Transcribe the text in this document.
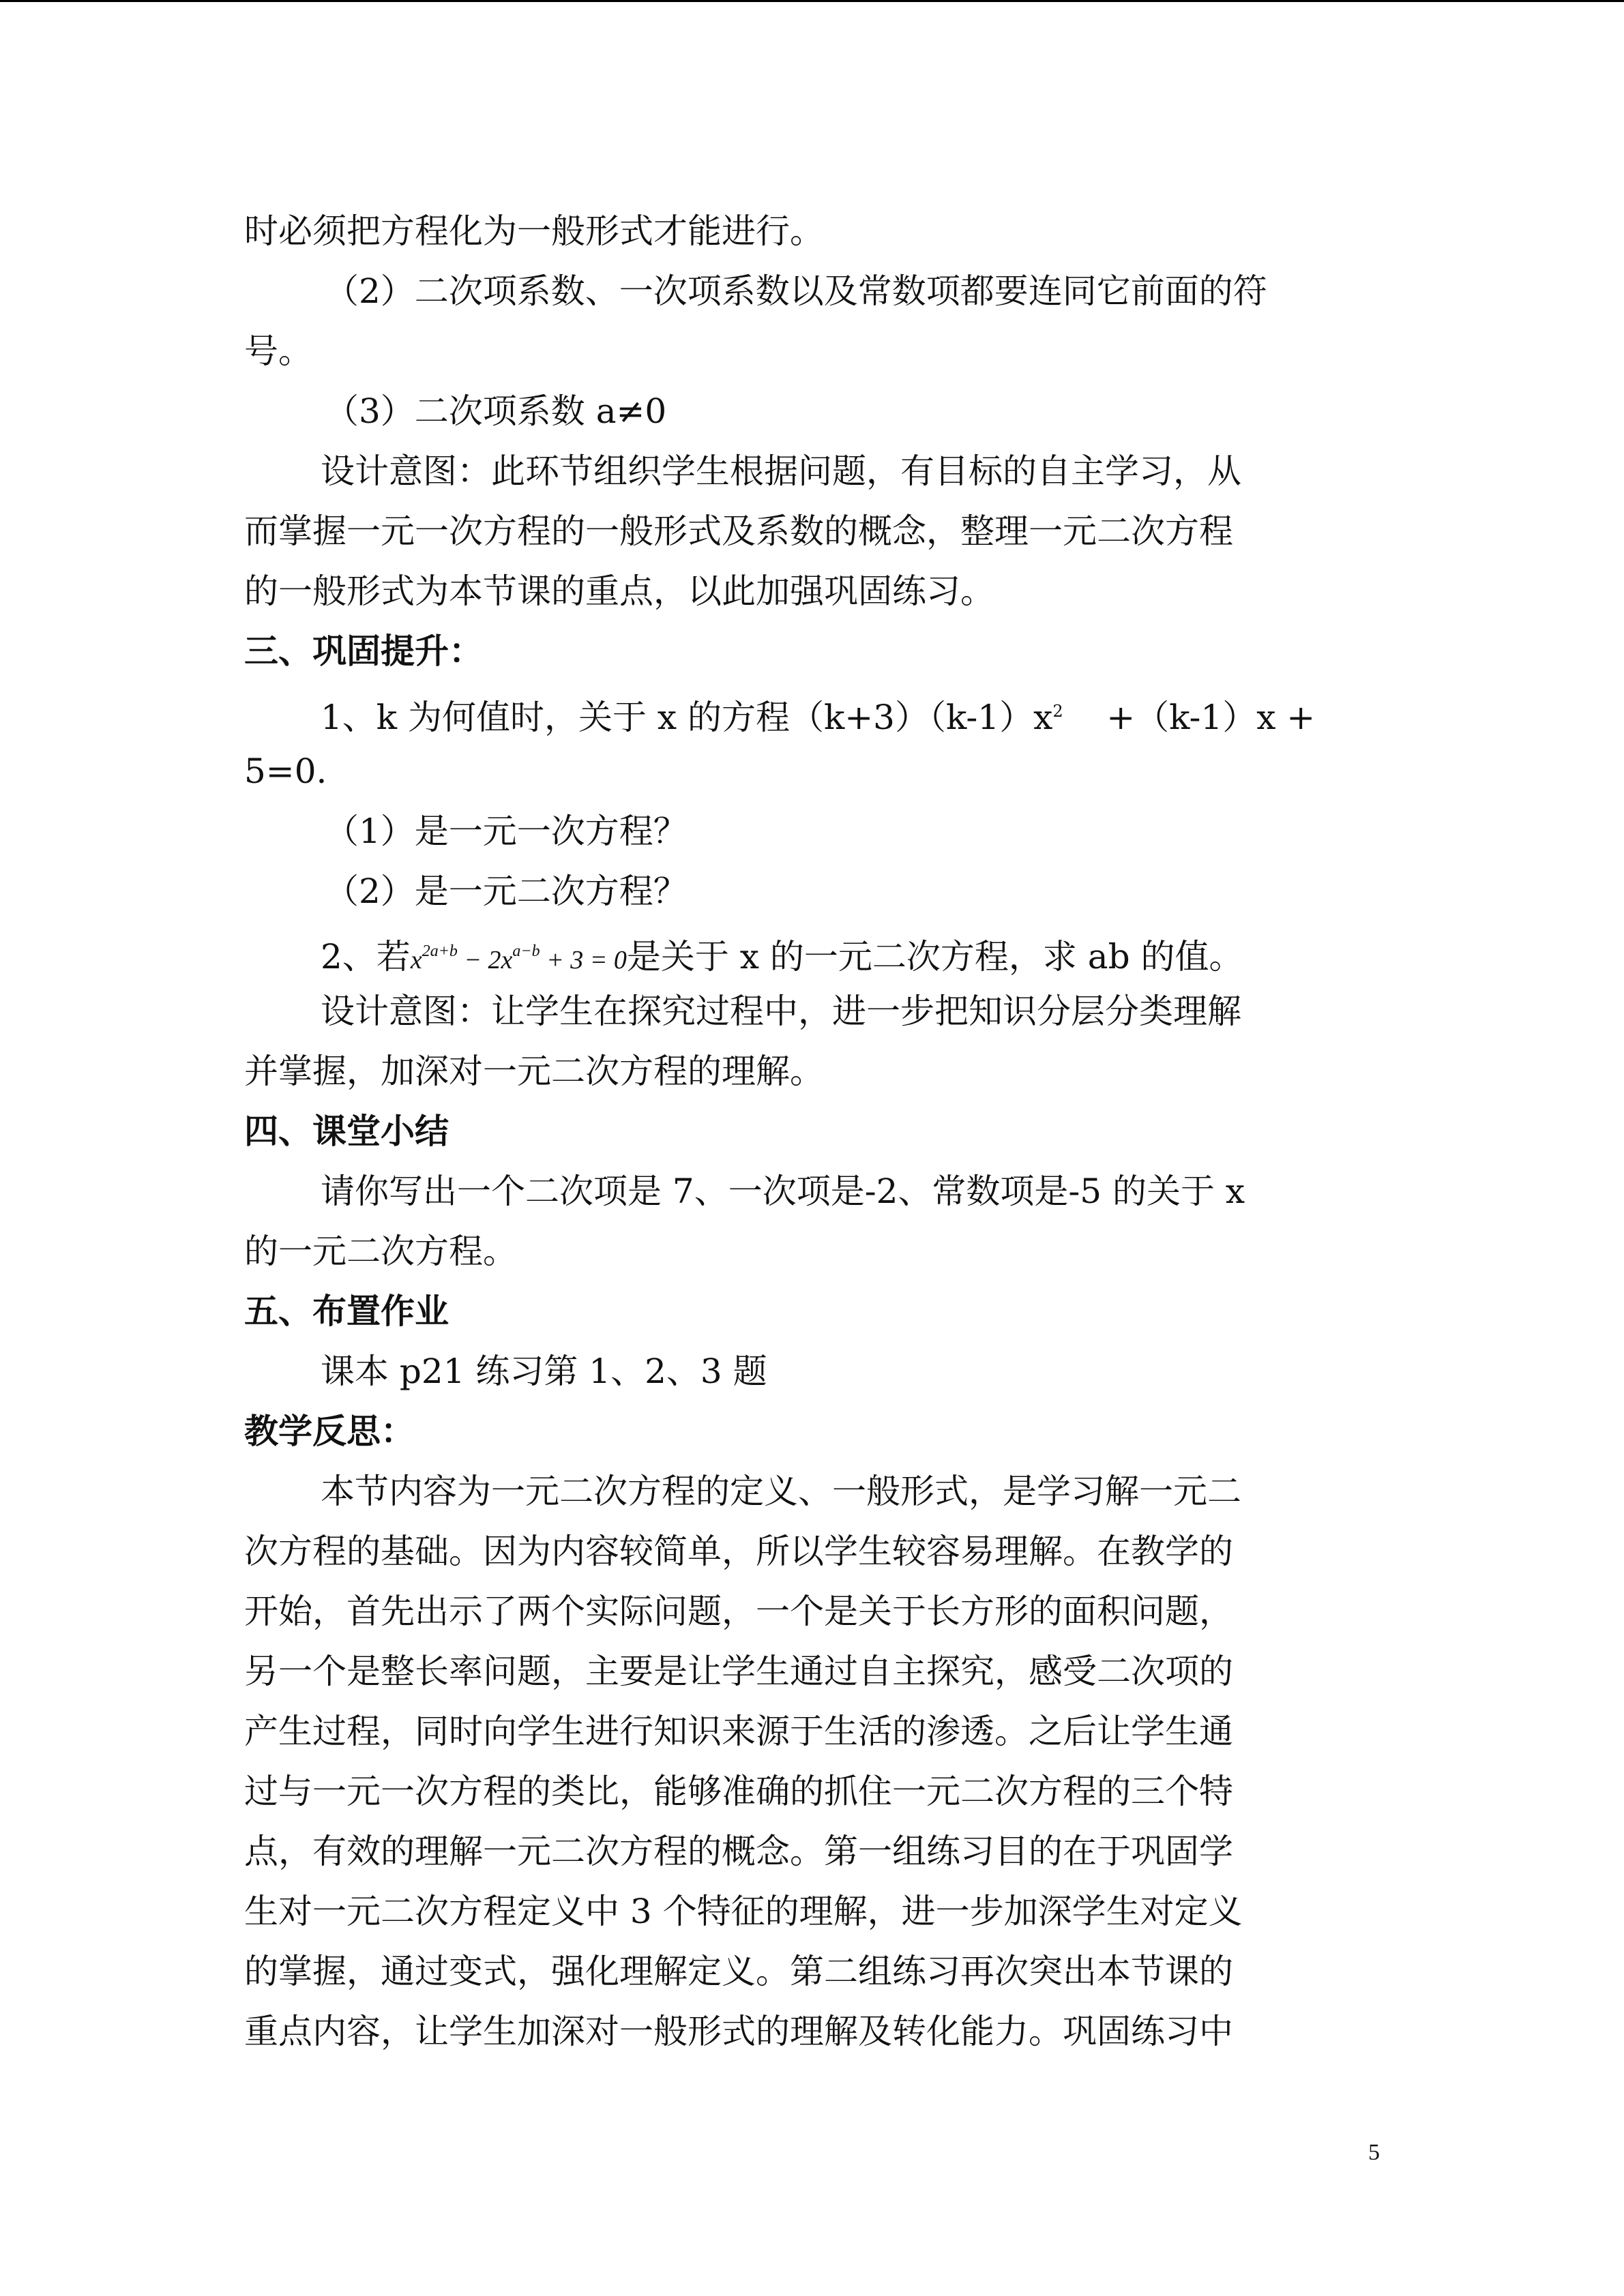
时必须把方程化为一般形式才能进行。
（2）二次项系数、一次项系数以及常数项都要连同它前面的符
号。
（3）二次项系数 a≠0
设计意图：此环节组织学生根据问题，有目标的自主学习，从
而掌握一元一次方程的一般形式及系数的概念，整理一元二次方程
的一般形式为本节课的重点，以此加强巩固练习。
三、巩固提升：
1、k 为何值时，关于 x 的方程$(k+3)(k-1)x^2 +(k-1)x$ +
5=0.
（1）是一元一次方程？
（2）是一元二次方程？
2、若$x^{2a+b} - 2x^{a-b} + 3 = 0$是关于 x 的一元二次方程，求 ab 的值。
设计意图：让学生在探究过程中，进一步把知识分层分类理解
并掌握，加深对一元二次方程的理解。
四、课堂小结
请你写出一个二次项是 7、一次项是-2、常数项是-5 的关于 x
的一元二次方程。
五、布置作业
课本 p21 练习第 1、2、3 题
教学反思：
本节内容为一元二次方程的定义、一般形式，是学习解一元二
次方程的基础。因为内容较简单，所以学生较容易理解。在教学的
开始，首先出示了两个实际问题，一个是关于长方形的面积问题，
另一个是整长率问题，主要是让学生通过自主探究，感受二次项的
产生过程，同时向学生进行知识来源于生活的渗透。之后让学生通
过与一元一次方程的类比，能够准确的抓住一元二次方程的三个特
点，有效的理解一元二次方程的概念。第一组练习目的在于巩固学
生对一元二次方程定义中 3 个特征的理解，进一步加深学生对定义
的掌握，通过变式，强化理解定义。第二组练习再次突出本节课的
重点内容，让学生加深对一般形式的理解及转化能力。巩固练习中
5
